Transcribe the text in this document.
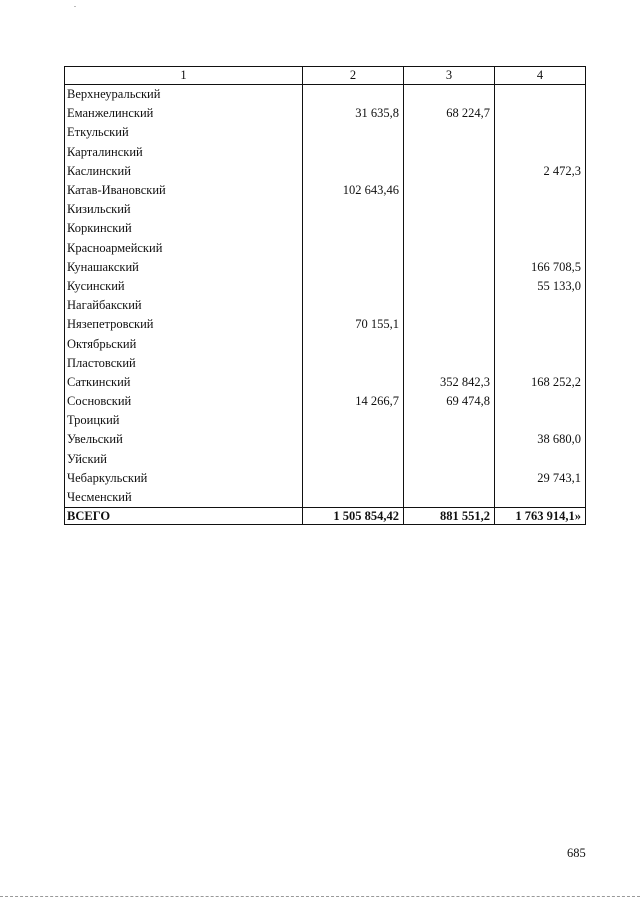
1	2	3	4
Верхнеуральский			
Еманжелинский	31 635,8	68 224,7	
Еткульский			
Карталинский			
Каслинский			2 472,3
Катав-Ивановский	102 643,46		
Кизильский			
Коркинский			
Красноармейский			
Кунашакский			166 708,5
Кусинский			55 133,0
Нагайбакский			
Нязепетровский	70 155,1		
Октябрьский			
Пластовский			
Саткинский		352 842,3	168 252,2
Сосновский	14 266,7	69 474,8	
Троицкий			
Увельский			38 680,0
Уйский			
Чебаркульский			29 743,1
Чесменский			
ВСЕГО	1 505 854,42	881 551,2	1 763 914,1»
685
